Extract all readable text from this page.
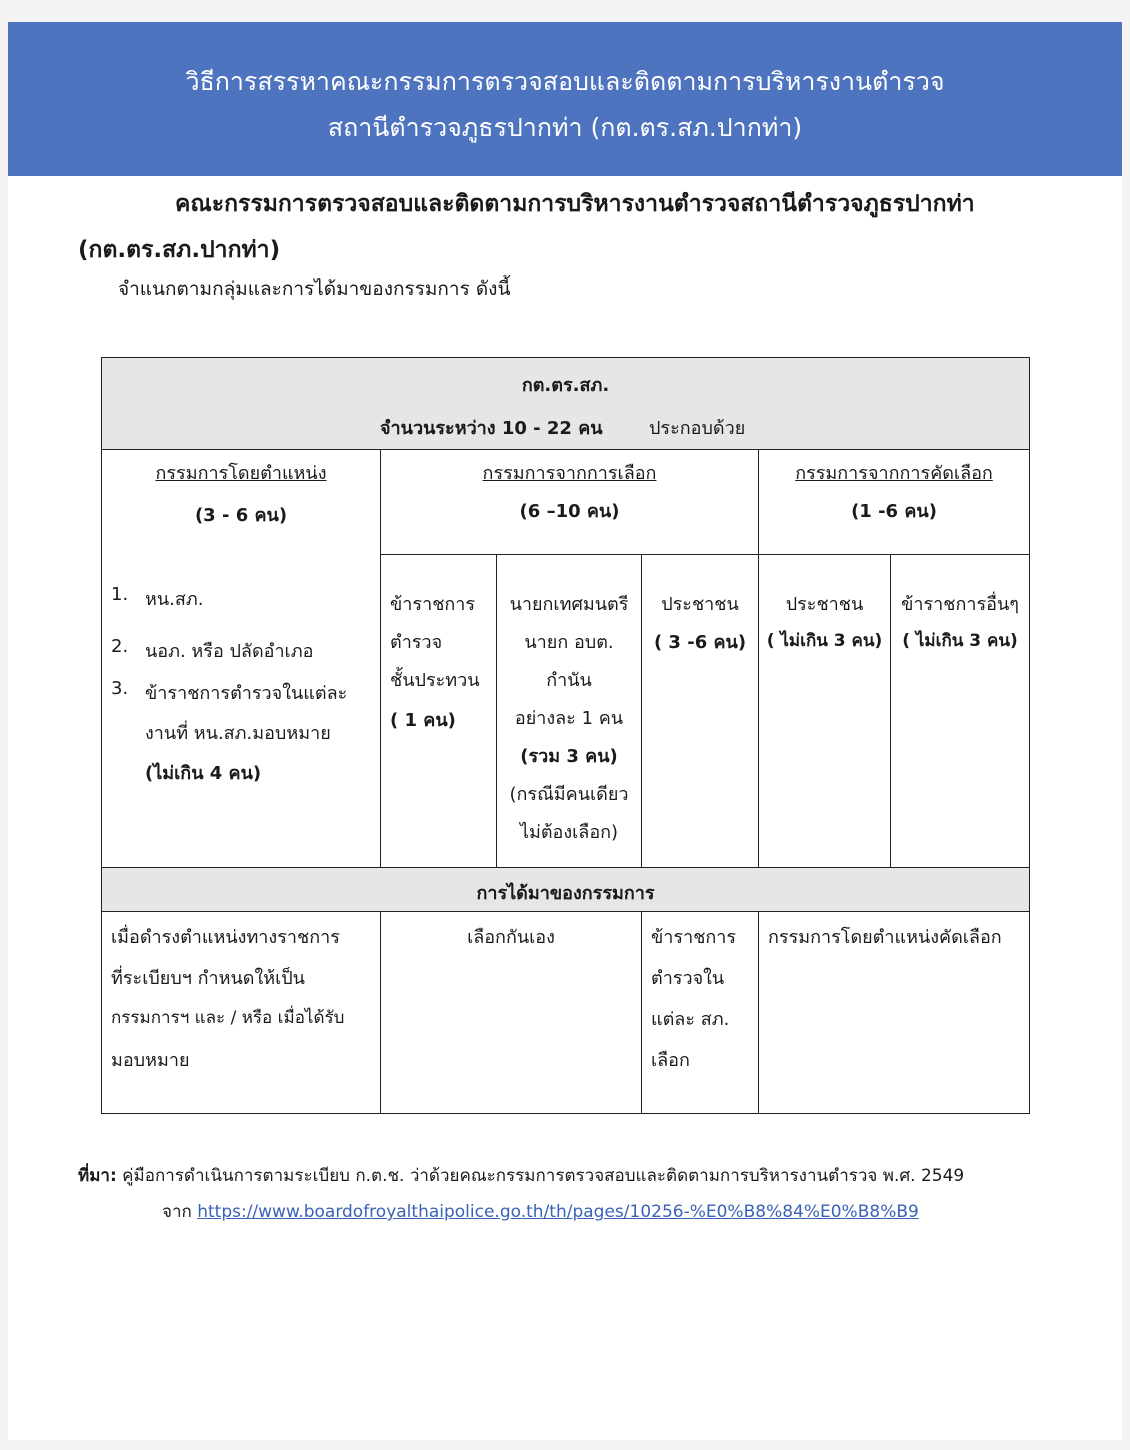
วิธีการสรรหาคณะกรรมการตรวจสอบและติดตามการบริหารงานตำรวจ
สถานีตำรวจภูธรปากท่า (กต.ตร.สภ.ปากท่า)
คณะกรรมการตรวจสอบและติดตามการบริหารงานตำรวจสถานีตำรวจภูธรปากท่า
(กต.ตร.สภ.ปากท่า)
จำแนกตามกลุ่มและการได้มาของกรรมการ ดังนี้
กต.ตร.สภ.
จำนวนระหว่าง 10 - 22 คน	ประกอบด้วย
กรรมการโดยตำแหน่ง
(3 - 6 คน)
1. หน.สภ.
2. นอภ. หรือ ปลัดอำเภอ
3. ข้าราชการตำรวจในแต่ละ
งานที่ หน.สภ.มอบหมาย
(ไม่เกิน 4 คน)
กรรมการจากการเลือก
(6 –10 คน)
ข้าราชการ
ตำรวจ
ชั้นประทวน
( 1 คน)
นายกเทศมนตรี
นายก อบต.
กำนัน
อย่างละ 1 คน
(รวม 3 คน)
(กรณีมีคนเดียว
ไม่ต้องเลือก)
ประชาชน
( 3 -6 คน)
กรรมการจากการคัดเลือก
(1 -6 คน)
ประชาชน
( ไม่เกิน 3 คน)
ข้าราชการอื่นๆ
( ไม่เกิน 3 คน)
การได้มาของกรรมการ
เมื่อดำรงตำแหน่งทางราชการ
ที่ระเบียบฯ กำหนดให้เป็น
กรรมการฯ และ / หรือ เมื่อได้รับ
มอบหมาย
เลือกกันเอง	ข้าราชการ
ตำรวจใน
แต่ละ สภ.
เลือก
กรรมการโดยตำแหน่งคัดเลือก
ที่มา: คู่มือการดำเนินการตามระเบียบ ก.ต.ช. ว่าด้วยคณะกรรมการตรวจสอบและติดตามการบริหารงานตำรวจ พ.ศ. 2549
จาก https://www.boardofroyalthaipolice.go.th/th/pages/10256-%E0%B8%84%E0%B8%B9
